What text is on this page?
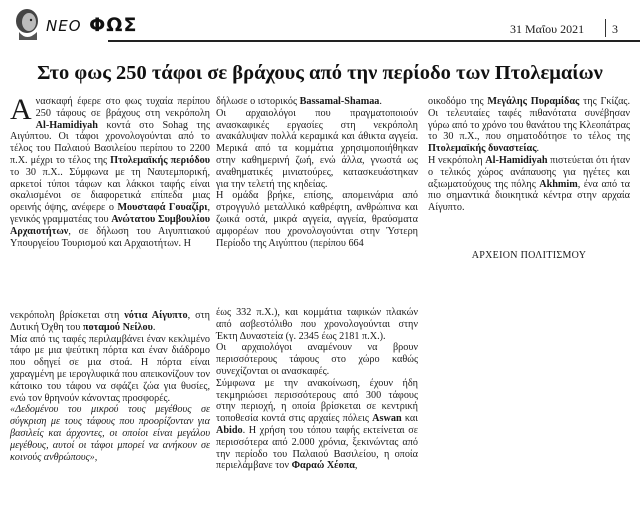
ΝΕΟ ΦΩΣ	31 Μαΐου 2021 3
Στο φως 250 τάφοι σε βράχους από την περίοδο των Πτολεμαίων

Ανασκαφή έφερε στο φως τυχαία περίπου 250 τάφους σε βράχους στη νεκρόπολη Al-Hamidiyah κοντά στο Sohag της Αιγύπτου. Οι τάφοι χρονολογούνται από το τέλος του Παλαιού Βασιλείου περίπου το 2200 π.Χ. μέχρι το τέλος της Πτολεμαϊκής περιόδου το 30 π.Χ.. Σύμφωνα με τη Ναυτεμπορική, αρκετοί τύποι τάφων και λάκκοι ταφής είναι σκαλισμένοι σε διαφορετικά επίπεδα μιας ορεινής όψης, ανέφερε ο Μουσταφά Γουαζίρι, γενικός γραμματέας του Ανώτατου Συμβουλίου Αρχαιοτήτων, σε δήλωση του Αιγυπτιακού Υπουργείου Τουρισμού και Αρχαιοτήτων. Η

νεκρόπολη βρίσκεται στη νότια Αίγυπτο, στη Δυτική Όχθη του ποταμού Νείλου.

Μία από τις ταφές περιλαμβάνει έναν κεκλιμένο τάφο με μια ψεύτικη πόρτα και έναν διάδρομο που οδηγεί σε μια στοά. Η πόρτα είναι χαραγμένη με ιερογλυφικά που απεικονίζουν τον κάτοικο του τάφου να σφάζει ζώα για θυσίες, ενώ τον θρηνούν κάνοντας προσφορές.

«Δεδομένου του μικρού τους μεγέθους σε σύγκριση με τους τάφους που προορίζονταν για βασιλείς και άρχοντες, οι οποίοι είναι μεγάλου μεγέθους, αυτοί οι τάφοι μπορεί να ανήκουν σε κοινούς ανθρώπους»,

δήλωσε ο ιστορικός Bassamal-Shamaa.

Οι αρχαιολόγοι που πραγματοποιούν ανασκαφικές εργασίες στη νεκρόπολη ανακάλυψαν πολλά κεραμικά και άθικτα αγγεία. Μερικά από τα κομμάτια χρησιμοποιήθηκαν στην καθημερινή ζωή, ενώ άλλα, γνωστά ως αναθηματικές μινιατούρες, κατασκευάστηκαν για την τελετή της κηδείας.

Η ομάδα βρήκε, επίσης, απομεινάρια από στρογγυλό μεταλλικό καθρέφτη, ανθρώπινα και ζωικά οστά, μικρά αγγεία, αγγεία, θραύσματα αμφορέων που χρονολογούνται στην Ύστερη Περίοδο της Αιγύπτου (περίπου 664

έως 332 π.Χ.), και κομμάτια ταφικών πλακών από ασβεστόλιθο που χρονολογούνται στην Έκτη Δυναστεία (γ. 2345 έως 2181 π.Χ.).

Οι αρχαιολόγοι αναμένουν να βρουν περισσότερους τάφους στο χώρο καθώς συνεχίζονται οι ανασκαφές.

Σύμφωνα με την ανακοίνωση, έχουν ήδη τεκμηριώσει περισσότερους από 300 τάφους στην περιοχή, η οποία βρίσκεται σε κεντρική τοποθεσία κοντά στις αρχαίες πόλεις Aswan και Abido. Η χρήση του τόπου ταφής εκτείνεται σε περισσότερα από 2.000 χρόνια, ξεκινώντας από την περίοδο του Παλαιού Βασιλείου, η οποία περιελάμβανε τον Φαραώ Χέοπα,

οικοδόμο της Μεγάλης Πυραμίδας της Γκίζας. Οι τελευταίες ταφές πιθανότατα συνέβησαν γύρω από το χρόνο του θανάτου της Κλεοπάτρας το 30 π.Χ., που σηματοδότησε το τέλος της Πτολεμαϊκής δυναστείας.

Η νεκρόπολη Al-Hamidiyah πιστεύεται ότι ήταν ο τελικός χώρος ανάπαυσης για ηγέτες και αξιωματούχους της πόλης Akhmim, ένα από τα πιο σημαντικά διοικητικά κέντρα στην αρχαία Αίγυπτο.

ΑΡΧΕΙΟΝ ΠΟΛΙΤΙΣΜΟΥ
